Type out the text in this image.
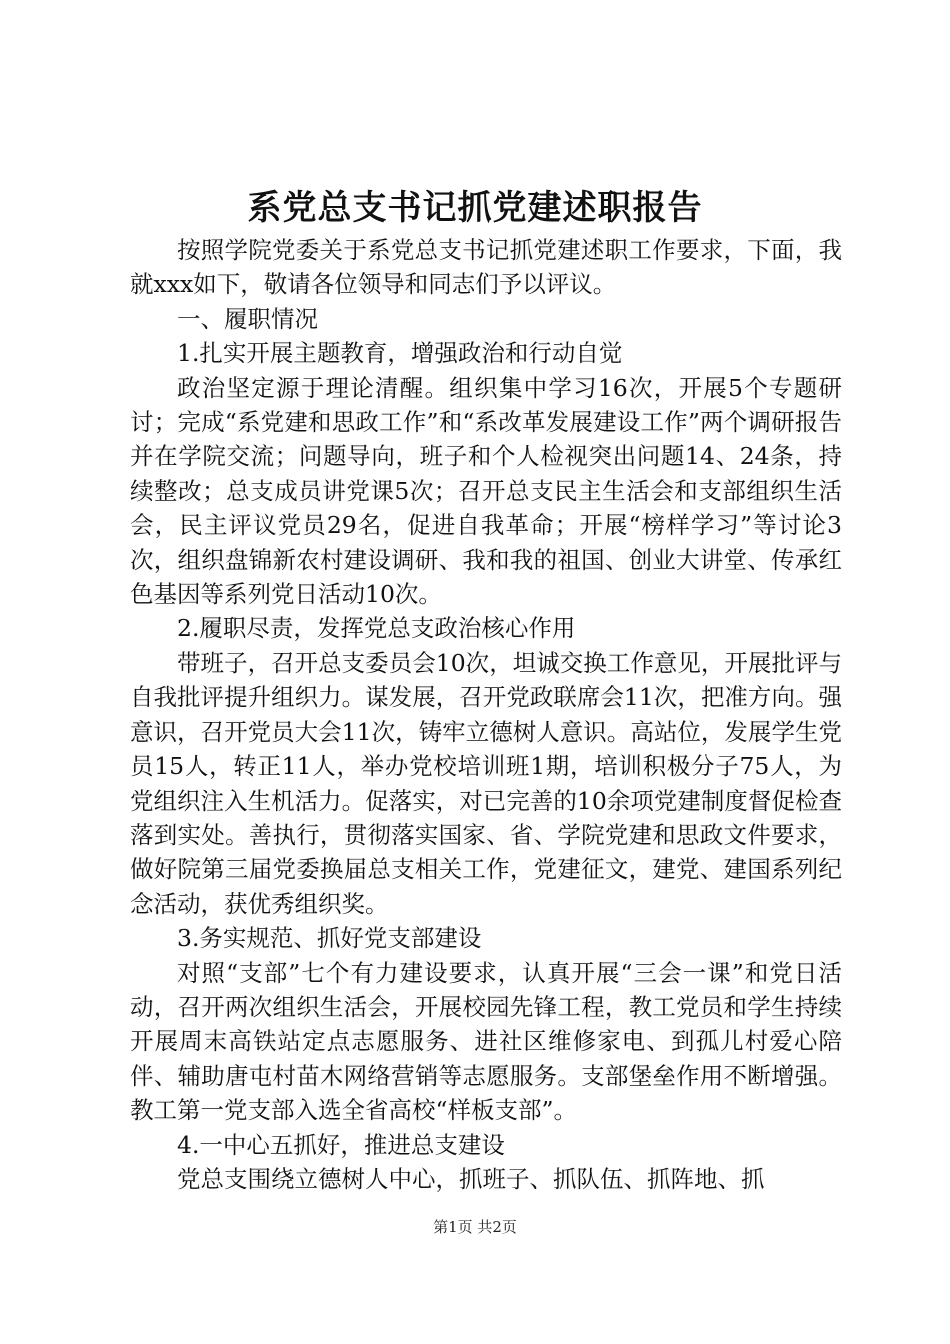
系党总支书记抓党建述职报告

按照学院党委关于系党总支书记抓党建述职工作要求，下面，我就xxx如下，敬请各位领导和同志们予以评议。

一、履职情况

1.扎实开展主题教育，增强政治和行动自觉

政治坚定源于理论清醒。组织集中学习16次，开展5个专题研讨；完成“系党建和思政工作”和“系改革发展建设工作”两个调研报告并在学院交流；问题导向，班子和个人检视突出问题14、24条，持续整改；总支成员讲党课5次；召开总支民主生活会和支部组织生活会，民主评议党员29名，促进自我革命；开展“榜样学习”等讨论3次，组织盘锦新农村建设调研、我和我的祖国、创业大讲堂、传承红色基因等系列党日活动10次。

2.履职尽责，发挥党总支政治核心作用

带班子，召开总支委员会10次，坦诚交换工作意见，开展批评与自我批评提升组织力。谋发展，召开党政联席会11次，把准方向。强意识，召开党员大会11次，铸牢立德树人意识。高站位，发展学生党员15人，转正11人，举办党校培训班1期，培训积极分子75人，为党组织注入生机活力。促落实，对已完善的10余项党建制度督促检查落到实处。善执行，贯彻落实国家、省、学院党建和思政文件要求，做好院第三届党委换届总支相关工作，党建征文，建党、建国系列纪念活动，获优秀组织奖。

3.务实规范、抓好党支部建设

对照“支部”七个有力建设要求，认真开展“三会一课”和党日活动，召开两次组织生活会，开展校园先锋工程，教工党员和学生持续开展周末高铁站定点志愿服务、进社区维修家电、到孤儿村爱心陪伴、辅助唐屯村苗木网络营销等志愿服务。支部堡垒作用不断增强。教工第一党支部入选全省高校“样板支部”。

4.一中心五抓好，推进总支建设

党总支围绕立德树人中心，抓班子、抓队伍、抓阵地、抓

第1页 共2页
